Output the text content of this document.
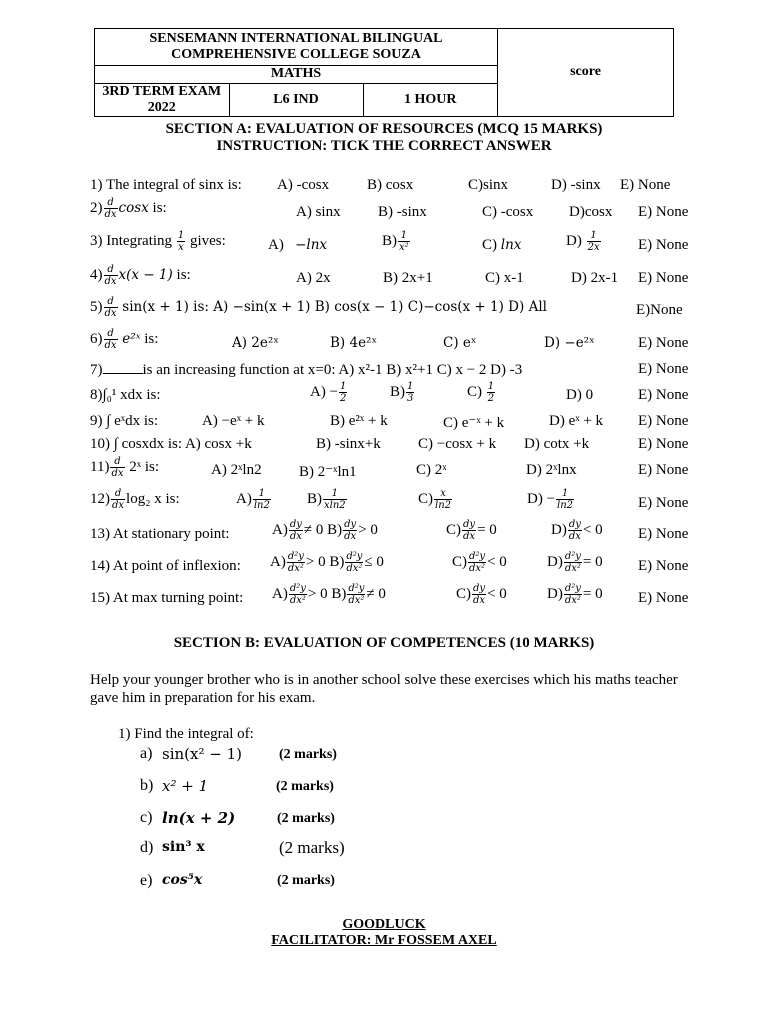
SENSEMANN INTERNATIONAL BILINGUAL
COMPREHENSIVE COLLEGE SOUZA
MATHS
3RD TERM EXAM 2022	L6 IND	1 HOUR
	score
SECTION A: EVALUATION OF RESOURCES (MCQ 15 MARKS)
INSTRUCTION: TICK THE CORRECT ANSWER
1) The integral of sinx is: A) -cosx	B) cosx	C)sinx	D) -sinx E) None
$2) \frac{d}{dx}$ cosx is:	A) sinx B) -sinx	C) -cosx D)cosx E) None
3) Integrating $\frac{1}{x}$ gives:	A) −lnx	$B) \frac{1}{\text{x²}}$	C) lnx	$D) \frac{1}{2x} E$) None
$4) \frac{d}{dx} x(x - 1)$ is:	A) 2x	B) 2x+1	C) x-1	D) 2x-1 E) None
$5) \frac{d}{dx} \sin(x + 1)$ is: A) −sin(x + 1) B) cos(x − 1) C)−cos(x + 1) D) All	E)None
$6) \frac{d}{dx}$ e²ˣ is:	A) 2e²ˣ	B) 4e²ˣ	C) eˣ	D) −e²ˣ	E) None
7)	is an increasing function at x=0: A) x²-1 B) x²+1 C) x − 2 D) -3	E) None
8)∫₀¹ xdx is:	$A) - \frac{1}{2}$	$B) \frac{1}{3}$	$C) \frac{1}{2}$	D) 0	E) None
9) ∫ eˣdx is:	A) −eˣ + k	B) e²ˣ + k	C) e⁻ˣ + k	D) eˣ + k E) None
10) ∫ cosxdx is: A) cosx +k	B) -sinx+k C) −cosx + k D) cotx +k	E) None
$11) \frac{d}{dx}$ 2ˣ is:	A) 2ˣln2 B) 2⁻ˣln1	C) 2ˣ	D) 2ˣlnx	E) None
$12) \frac{d}{dx} \log_2$ x is:	$A) \frac{1}{\ln 2} B) \frac{1}{xln2}$	$C) \frac{x}{\ln 2}$	$D) - \frac{1}{\ln 2}$	E) None
13) At stationary point:	$A) \frac{dy}{dx} \ne 0$ $B) \frac{dy}{dx} > 0$	$C) \frac{dy}{dx} = 0$	$D) \frac{dy}{dx} < 0$ E) None
14) At point of inflexion: $A) \frac{\text{d²y}}{\text{dx²}} > 0$ $B) \frac{\text{d²y}}{\text{dx²}} \le 0$	$C) \frac{\text{d²y}}{\text{dx²}} < 0$	$D) \frac{\text{d²y}}{\text{dx²}} = 0$ E) None
15) At max turning point: $A) \frac{\text{d²y}}{\text{dx²}} > 0$ $B) \frac{\text{d²y}}{\text{dx²}} \ne 0$	$C) \frac{dy}{dx} < 0$	$D) \frac{\text{d²y}}{\text{dx²}} = 0$ E) None
SECTION B: EVALUATION OF COMPETENCES (10 MARKS)
Help your younger brother who is in another school solve these exercises which his maths teacher gave him in preparation for his exam.
1) Find the integral of:
a) sin(x² − 1)	(2 marks)
b) x² + 1	(2 marks)
c) ln(x + 2)	(2 marks)
d) sin³ x	(2 marks)
e) cos⁵x	(2 marks)
GOODLUCK
FACILITATOR: Mr FOSSEM AXEL
